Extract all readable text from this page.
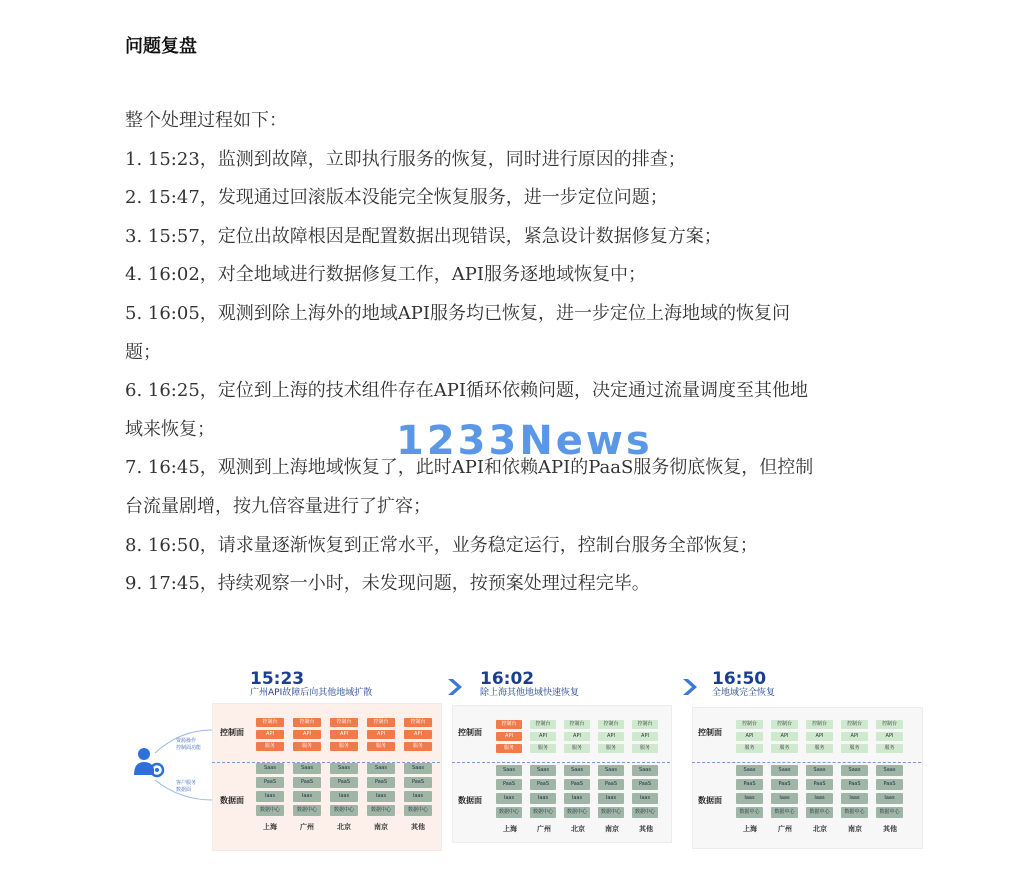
问题复盘

整个处理过程如下：

1. 15:23，监测到故障，立即执行服务的恢复，同时进行原因的排查；

2. 15:47，发现通过回滚版本没能完全恢复服务，进一步定位问题；

3. 15:57，定位出故障根因是配置数据出现错误，紧急设计数据修复方案；

4. 16:02，对全地域进行数据修复工作，API服务逐地域恢复中；

5. 16:05，观测到除上海外的地域API服务均已恢复，进一步定位上海地域的恢复问

题；

6. 16:25，定位到上海的技术组件存在API循环依赖问题，决定通过流量调度至其他地

域来恢复；

7. 16:45，观测到上海地域恢复了，此时API和依赖API的PaaS服务彻底恢复，但控制

台流量剧增，按九倍容量进行了扩容；

8. 16:50，请求量逐渐恢复到正常水平，业务稳定运行，控制台服务全部恢复；

9. 17:45，持续观察一小时，未发现问题，按预案处理过程完毕。

1233News
资源操作
控制面功能
客户服务
数据面
15:23
广州API故障后向其他地域扩散
16:02
除上海其他地域快速恢复
16:50
全地域完全恢复
控制面
数据面
控制面
数据面
控制面
数据面
控制台
API
服务
Saas
PaaS
Iaas
数据中心
上海
控制台
API
服务
Saas
PaaS
Iaas
数据中心
广州
控制台
API
服务
Saas
PaaS
Iaas
数据中心
北京
控制台
API
服务
Saas
PaaS
Iaas
数据中心
南京
控制台
API
服务
Saas
PaaS
Iaas
数据中心
其他
控制台
API
服务
Saas
PaaS
Iaas
数据中心
上海
控制台
API
服务
Saas
PaaS
Iaas
数据中心
广州
控制台
API
服务
Saas
PaaS
Iaas
数据中心
北京
控制台
API
服务
Saas
PaaS
Iaas
数据中心
南京
控制台
API
服务
Saas
PaaS
Iaas
数据中心
其他
控制台
API
服务
Saas
PaaS
Iaas
数据中心
上海
控制台
API
服务
Saas
PaaS
Iaas
数据中心
广州
控制台
API
服务
Saas
PaaS
Iaas
数据中心
北京
控制台
API
服务
Saas
PaaS
Iaas
数据中心
南京
控制台
API
服务
Saas
PaaS
Iaas
数据中心
其他
